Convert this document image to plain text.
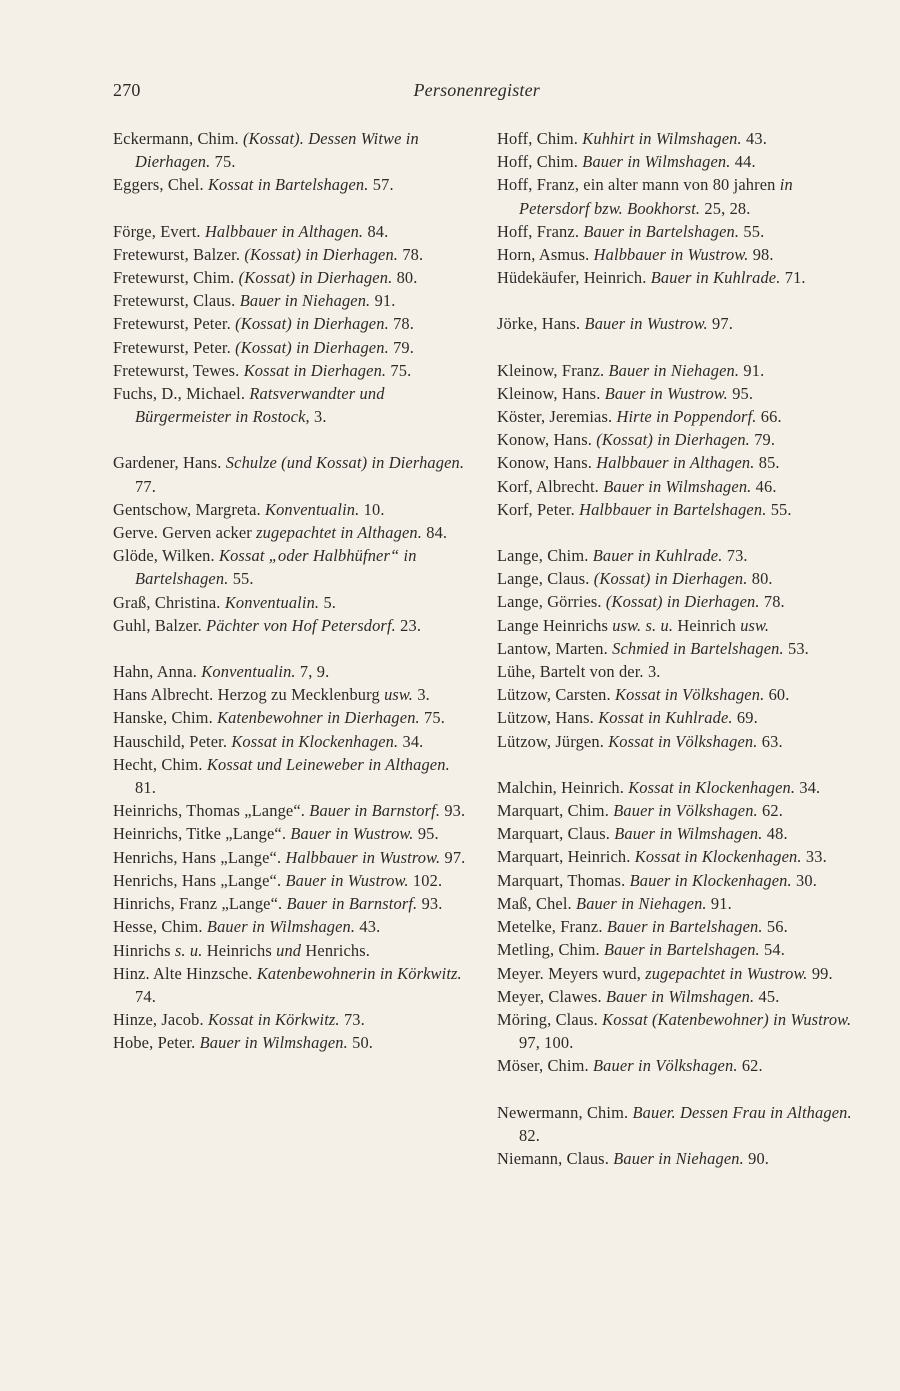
270	Personenregister
Eckermann, Chim. (Kossat). Dessen Witwe in Dierhagen. 75.
Eggers, Chel. Kossat in Bartelshagen. 57.
Förge, Evert. Halbbauer in Althagen. 84.
Fretewurst, Balzer. (Kossat) in Dierhagen. 78.
Fretewurst, Chim. (Kossat) in Dierhagen. 80.
Fretewurst, Claus. Bauer in Niehagen. 91.
Fretewurst, Peter. (Kossat) in Dierhagen. 78.
Fretewurst, Peter. (Kossat) in Dierhagen. 79.
Fretewurst, Tewes. Kossat in Dierhagen. 75.
Fuchs, D., Michael. Ratsverwandter und Bürgermeister in Rostock, 3.
Gardener, Hans. Schulze (und Kossat) in Dierhagen. 77.
Gentschow, Margreta. Konventualin. 10.
Gerve. Gerven acker zugepachtet in Althagen. 84.
Glöde, Wilken. Kossat „oder Halbhüfner“ in Bartelshagen. 55.
Graß, Christina. Konventualin. 5.
Guhl, Balzer. Pächter von Hof Petersdorf. 23.
Hahn, Anna. Konventualin. 7, 9.
Hans Albrecht. Herzog zu Mecklenburg usw. 3.
Hanske, Chim. Katenbewohner in Dierhagen. 75.
Hauschild, Peter. Kossat in Klockenhagen. 34.
Hecht, Chim. Kossat und Leineweber in Althagen. 81.
Heinrichs, Thomas „Lange“. Bauer in Barnstorf. 93.
Heinrichs, Titke „Lange“. Bauer in Wustrow. 95.
Henrichs, Hans „Lange“. Halbbauer in Wustrow. 97.
Henrichs, Hans „Lange“. Bauer in Wustrow. 102.
Hinrichs, Franz „Lange“. Bauer in Barnstorf. 93.
Hesse, Chim. Bauer in Wilmshagen. 43.
Hinrichs s. u. Heinrichs und Henrichs.
Hinz. Alte Hinzsche. Katenbewohnerin in Körkwitz. 74.
Hinze, Jacob. Kossat in Körkwitz. 73.
Hobe, Peter. Bauer in Wilmshagen. 50.
Hoff, Chim. Kuhhirt in Wilmshagen. 43.
Hoff, Chim. Bauer in Wilmshagen. 44.
Hoff, Franz, ein alter mann von 80 jahren in Petersdorf bzw. Bookhorst. 25, 28.
Hoff, Franz. Bauer in Bartelshagen. 55.
Horn, Asmus. Halbbauer in Wustrow. 98.
Hüdekäufer, Heinrich. Bauer in Kuhlrade. 71.
Jörke, Hans. Bauer in Wustrow. 97.
Kleinow, Franz. Bauer in Niehagen. 91.
Kleinow, Hans. Bauer in Wustrow. 95.
Köster, Jeremias. Hirte in Poppendorf. 66.
Konow, Hans. (Kossat) in Dierhagen. 79.
Konow, Hans. Halbbauer in Althagen. 85.
Korf, Albrecht. Bauer in Wilmshagen. 46.
Korf, Peter. Halbbauer in Bartelshagen. 55.
Lange, Chim. Bauer in Kuhlrade. 73.
Lange, Claus. (Kossat) in Dierhagen. 80.
Lange, Görries. (Kossat) in Dierhagen. 78.
Lange Heinrichs usw. s. u. Heinrich usw.
Lantow, Marten. Schmied in Bartelshagen. 53.
Lühe, Bartelt von der. 3.
Lützow, Carsten. Kossat in Völkshagen. 60.
Lützow, Hans. Kossat in Kuhlrade. 69.
Lützow, Jürgen. Kossat in Völkshagen. 63.
Malchin, Heinrich. Kossat in Klockenhagen. 34.
Marquart, Chim. Bauer in Völkshagen. 62.
Marquart, Claus. Bauer in Wilmshagen. 48.
Marquart, Heinrich. Kossat in Klockenhagen. 33.
Marquart, Thomas. Bauer in Klockenhagen. 30.
Maß, Chel. Bauer in Niehagen. 91.
Metelke, Franz. Bauer in Bartelshagen. 56.
Metling, Chim. Bauer in Bartelshagen. 54.
Meyer. Meyers wurd, zugepachtet in Wustrow. 99.
Meyer, Clawes. Bauer in Wilmshagen. 45.
Möring, Claus. Kossat (Katenbewohner) in Wustrow. 97, 100.
Möser, Chim. Bauer in Völkshagen. 62.
Newermann, Chim. Bauer. Dessen Frau in Althagen. 82.
Niemann, Claus. Bauer in Niehagen. 90.
